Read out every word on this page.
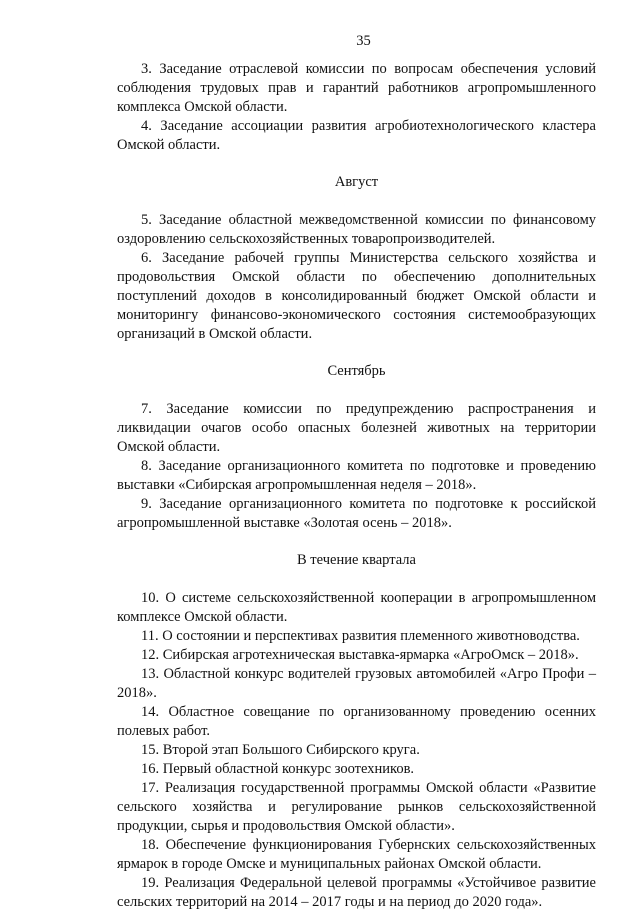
35

3. Заседание отраслевой комиссии по вопросам обеспечения условий соблюдения трудовых прав и гарантий работников агропромышленного комплекса Омской области.

4. Заседание ассоциации развития агробиотехнологического кластера Омской области.

Август

5. Заседание областной межведомственной комиссии по финансовому оздоровлению сельскохозяйственных товаропроизводителей.

6. Заседание рабочей группы Министерства сельского хозяйства и продовольствия Омской области по обеспечению дополнительных поступлений доходов в консолидированный бюджет Омской области и мониторингу финансово-экономического состояния системообразующих организаций в Омской области.

Сентябрь

7. Заседание комиссии по предупреждению распространения и ликвидации очагов особо опасных болезней животных на территории Омской области.

8. Заседание организационного комитета по подготовке и проведению выставки «Сибирская агропромышленная неделя – 2018».

9. Заседание организационного комитета по подготовке к российской агропромышленной выставке «Золотая осень – 2018».

В течение квартала

10. О системе сельскохозяйственной кооперации в агропромышленном комплексе Омской области.

11. О состоянии и перспективах развития племенного животноводства.

12. Сибирская агротехническая выставка-ярмарка «АгроОмск – 2018».

13. Областной конкурс водителей грузовых автомобилей «Агро Профи – 2018».

14. Областное совещание по организованному проведению осенних полевых работ.

15. Второй этап Большого Сибирского круга.

16. Первый областной конкурс зоотехников.

17. Реализация государственной программы Омской области «Развитие сельского хозяйства и регулирование рынков сельскохозяйственной продукции, сырья и продовольствия Омской области».

18. Обеспечение функционирования Губернских сельскохозяйственных ярмарок в городе Омске и муниципальных районах Омской области.

19. Реализация Федеральной целевой программы «Устойчивое развитие сельских территорий на 2014 – 2017 годы и на период до 2020 года».
